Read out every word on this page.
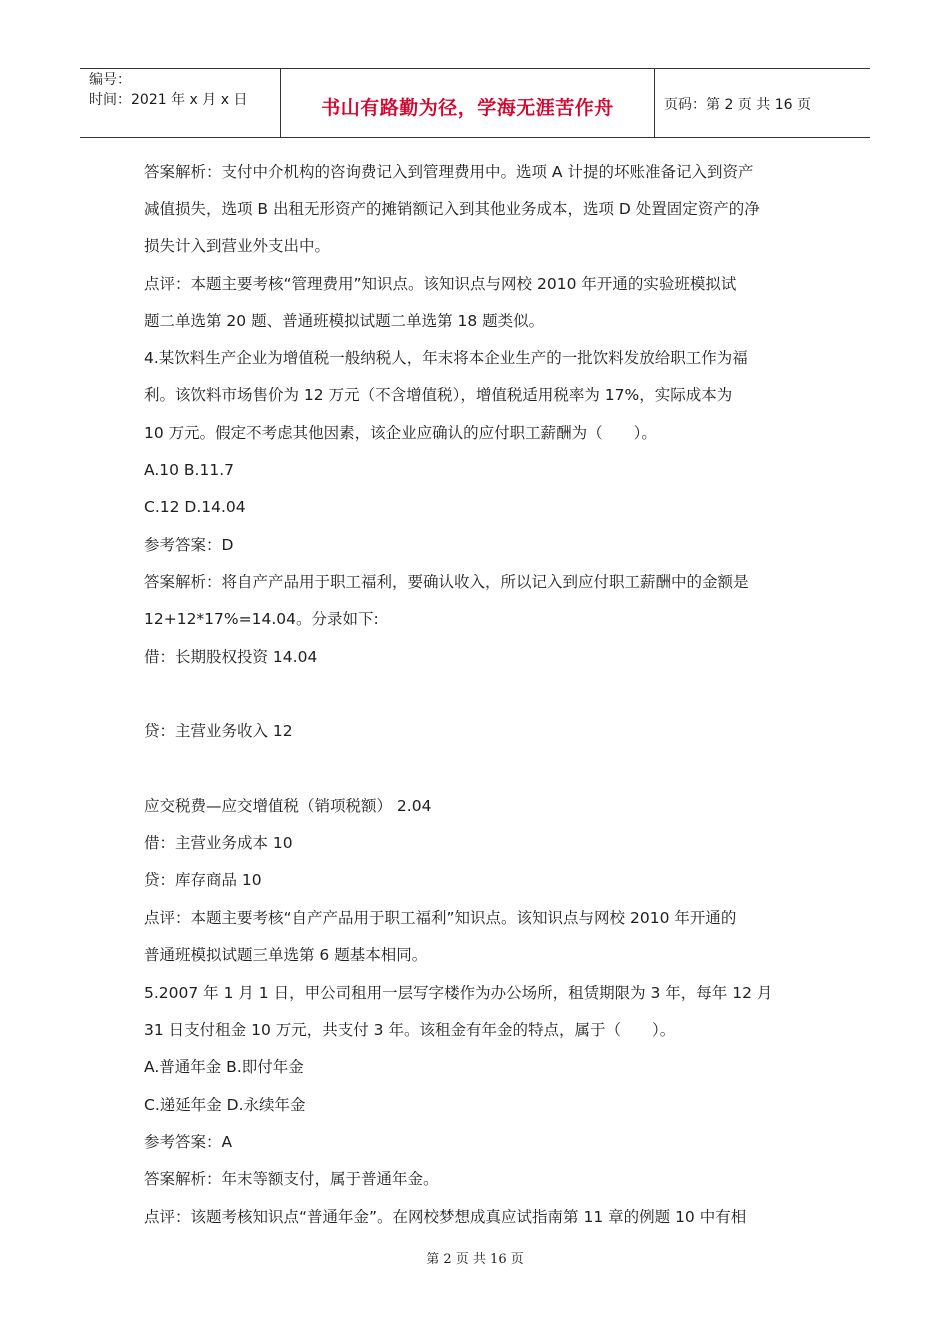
编号：
时间：2021 年 x 月 x 日	书山有路勤为径，学海无涯苦作舟	页码：第 2 页 共 16 页
答案解析：支付中介机构的咨询费记入到管理费用中。选项 A 计提的坏账准备记入到资产
减值损失，选项 B 出租无形资产的摊销额记入到其他业务成本，选项 D 处置固定资产的净
损失计入到营业外支出中。
点评：本题主要考核“管理费用”知识点。该知识点与网校 2010 年开通的实验班模拟试
题二单选第 20 题、普通班模拟试题二单选第 18 题类似。
4.某饮料生产企业为增值税一般纳税人，年末将本企业生产的一批饮料发放给职工作为福
利。该饮料市场售价为 12 万元（不含增值税），增值税适用税率为 17%，实际成本为
10 万元。假定不考虑其他因素，该企业应确认的应付职工薪酬为（　　）。
A.10 B.11.7
C.12 D.14.04
参考答案：D
答案解析：将自产产品用于职工福利，要确认收入，所以记入到应付职工薪酬中的金额是
12+12*17%=14.04。分录如下:
借：长期股权投资 14.04
贷：主营业务收入 12
应交税费—应交增值税（销项税额） 2.04
借：主营业务成本 10
贷：库存商品 10
点评：本题主要考核“自产产品用于职工福利”知识点。该知识点与网校 2010 年开通的
普通班模拟试题三单选第 6 题基本相同。
5.2007 年 1 月 1 日，甲公司租用一层写字楼作为办公场所，租赁期限为 3 年，每年 12 月
31 日支付租金 10 万元，共支付 3 年。该租金有年金的特点，属于（　　）。
A.普通年金 B.即付年金
C.递延年金 D.永续年金
参考答案：A
答案解析：年末等额支付，属于普通年金。
点评：该题考核知识点“普通年金”。在网校梦想成真应试指南第 11 章的例题 10 中有相
第 2 页 共 16 页
